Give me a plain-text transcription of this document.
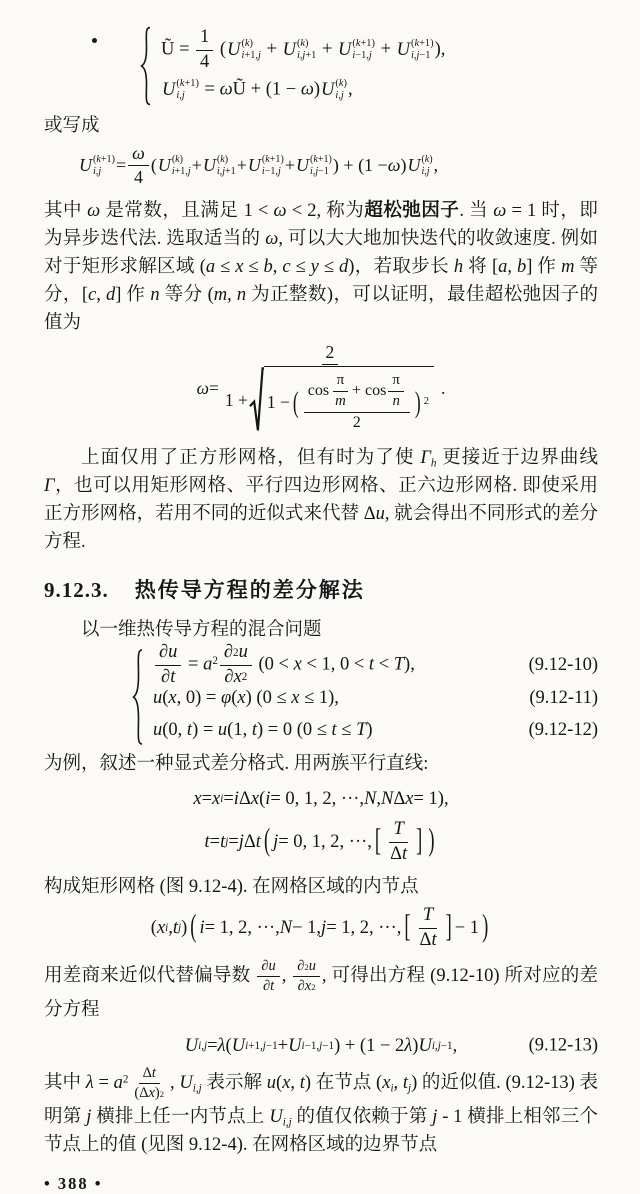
Ũ = $\frac{1}{4}$ ( U (k)
i+1,j + U (k)
i,j+1 + U (k+1)
i−1,j + U (k+1)
i,j−1 ),
U (k+1)
i,j = ωŨ + (1 − ω) U (k)
i,j ,

或写成

U (k+1)
$i,j = \frac{\omega}{4}$ ( U (k)
i+1,j + U (k)
i,j+1 + U (k+1)
i−1,j + U (k+1)
i,j−1 ) + (1 − ω ) U (k)
i,j ,

其中 ω 是常数，且满足 1 < ω < 2, 称为超松弛因子. 当 ω = 1 时，即为异步迭代法. 选取适当的 ω, 可以大大地加快迭代的收敛速度. 例如对于矩形求解区域 (a ≤ x ≤ b, c ≤ y ≤ d)，若取步长 h 将 [a, b] 作 m 等分，[c, d] 作 n 等分 (m, n 为正整数)，可以证明，最佳超松弛因子的值为

$\omega = \frac{2}{1 + 1 - ( \frac{\cos \frac{\pi}{m} + \cos \frac{\pi}{n}}{2} ) 2}$ .

上面仅用了正方形网格，但有时为了使 $\Gamma_h$ 更接近于边界曲线 Γ，也可以用矩形网格、平行四边形网格、正六边形网格. 即使采用正方形网格，若用不同的近似式来代替 Δu, 就会得出不同形式的差分方程.

9.12.3. 热传导方程的差分解法

以一维热传导方程的混合问题

$\frac{\partial u}{\partial t} = a^2 \frac{\partial 2 u}{\partial x 2} (0 < x < 1$, 0 < t < T),	(9.12-10)
u(x, 0) = φ(x) (0 ≤ x ≤ 1),	(9.12-11)
u(0, t) = u(1, t) = 0 (0 ≤ t ≤ T)	(9.12-12)

为例，叙述一种显式差分格式. 用两族平行直线:

x = x i = i Δ x ( i = 0, 1, 2, ···, N , N Δ x = 1),
t = t j = j Δ t ( j = 0, 1, 2, ···, [ $\frac{T}{\text{Δ t}}$ ] )

构成矩形网格 (图 9.12-4). 在网格区域的内节点

( x i , t j ) ( i = 1, 2, ···, N − 1, j = 1, 2, ···, [ $\frac{T}{\text{Δ t}}$ ] − 1 )

用差商来近似代替偏导数 $\frac{\partial u}{\partial t}$ , $\frac{\partial 2 u}{\partial x 2}$ , 可得出方程 (9.12-10) 所对应的差分方程

U i,j = λ ( U i+1,j−1 + U i−1,j−1 ) + (1 − 2 λ ) U i,j−1 ,	(9.12-13)

其中 $\lambda = a^2 \frac{\text{Δ t}}{\text{(Δ x ) 2}}$ , $U_{i,j}$ 表示解 u(x, t) 在节点 ($x_i$, $t_j$) 的近似值. (9.12-13) 表明第 j 横排上任一内节点上 $U_{i,j}$ 的值仅依赖于第 j - 1 横排上相邻三个节点上的值 (见图 9.12-4). 在网格区域的边界节点

• 388 •
